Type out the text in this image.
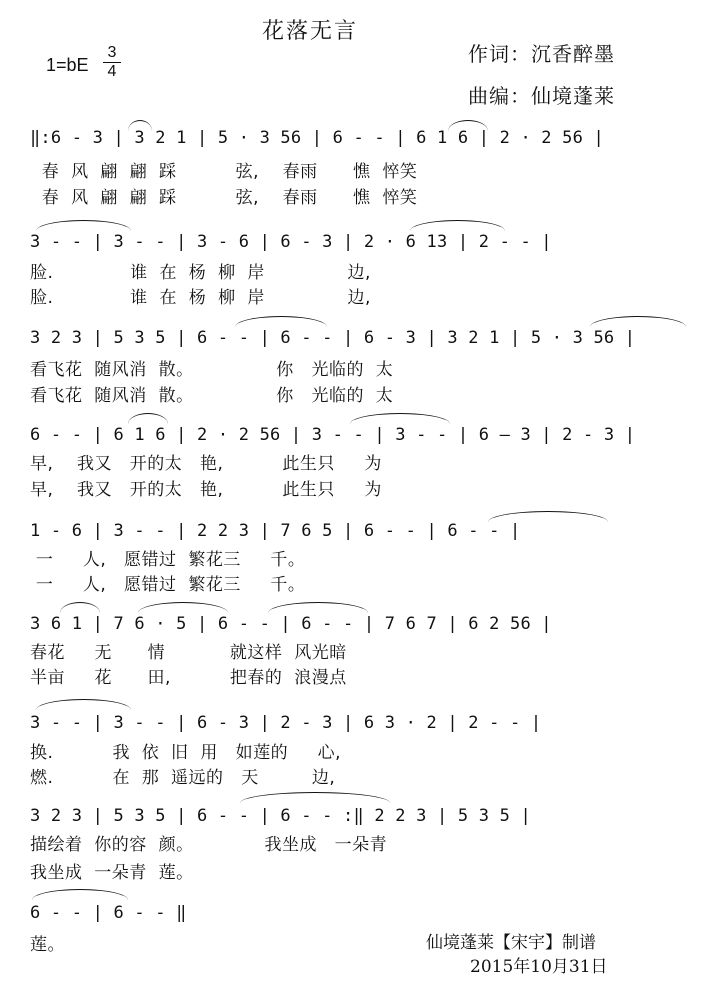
花落无言
$1=bE \frac{3}{4}$	作词：沉香醉墨
曲编：仙境蓬莱
‖:6 - 3 | 3 2 1 | 5 · 3 56 | 6 - - | 6 1 6 | 2 · 2 56 |
春  风  翩  翩  踩          弦,    春雨      憔  悴笑
春  风  翩  翩  踩          弦,    春雨      憔  悴笑
3 - - | 3 - - | 3 - 6 | 6 - 3 | 2 · 6 13 | 2 - - |
脸.             谁  在  杨  柳  岸              边,
脸.             谁  在  杨  柳  岸              边,
3 2 3 | 5 3 5 | 6 - - | 6 - - | 6 - 3 | 3 2 1 | 5 · 3 56 |
看飞花  随风消  散。              你   光临的  太
看飞花  随风消  散。              你   光临的  太
6 - - | 6 1 6 | 2 · 2 56 | 3 - - | 3 - - | 6 — 3 | 2 - 3 |
早,    我又   开的太   艳,          此生只     为
早,    我又   开的太   艳,          此生只     为
1 - 6 | 3 - - | 2 2 3 | 7 6 5 | 6 - - | 6 - - |
一     人,   愿错过  繁花三     千。
一     人,   愿错过  繁花三     千。
3 6 1 | 7 6 · 5 | 6 - - | 6 - - | 7 6 7 | 6 2 56 |
春花     无      情           就这样  风光暗
半亩     花      田,          把春的  浪漫点
3 - - | 3 - - | 6 - 3 | 2 - 3 | 6 3 · 2 | 2 - - |
换.          我  依  旧  用   如莲的     心,
燃.          在  那  遥远的   天         边,
3 2 3 | 5 3 5 | 6 - - | 6 - - :‖ 2 2 3 | 5 3 5 |
描绘着  你的容  颜。            我坐成   一朵青
我坐成  一朵青  莲。
6 - - | 6 - - ‖
莲。	仙境蓬莱【宋宇】制谱
2015年10月31日
